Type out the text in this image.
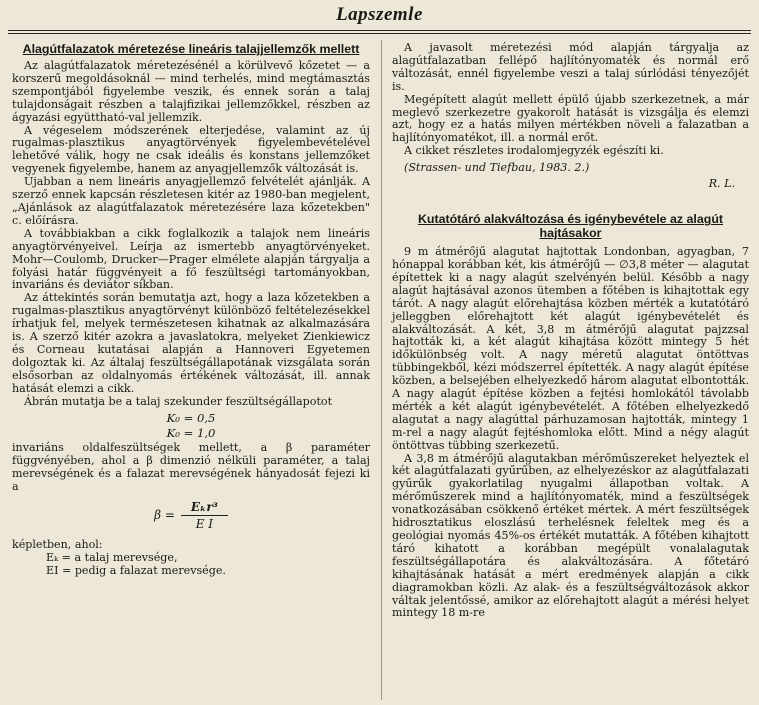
Lapszemle
Alagútfalazatok méretezése lineáris talajjellemzők mellett

Az alagútfalazatok méretezésénél a körülvevő kőzetet — a korszerű megoldásoknál — mind terhelés, mind megtámasztás szempontjából figyelembe veszik, és ennek során a talaj tulajdonságait részben a talajfizikai jellemzőkkel, részben az ágyazási együttható-val jellemzik.

A végeselem módszerének elterjedése, valamint az új rugalmas-plasztikus anyagtörvények figyelembevételével lehetővé válik, hogy ne csak ideális és konstans jellemzőket vegyenek figyelembe, hanem az anyagjellemzők változását is.

Újabban a nem lineáris anyagjellemző felvételét ajánlják. A szerző ennek kapcsán részletesen kitér az 1980-ban megjelent, „Ajánlások az alagútfalazatok méretezésére laza kőzetekben" c. előírásra.

A továbbiakban a cikk foglalkozik a talajok nem lineáris anyagtörvényeivel. Leírja az ismertebb anyagtörvényeket. Mohr—Coulomb, Drucker—Prager elmélete alapján tárgyalja a folyási határ függvényeit a fő feszültségi tartományokban, invariáns és deviátor síkban.

Az áttekintés során bemutatja azt, hogy a laza kőzetekben a rugalmas-plasztikus anyagtörvényt különböző feltételezésekkel írhatjuk fel, melyek természetesen kihatnak az alkalmazására is. A szerző kitér azokra a javaslatokra, melyeket Zienkiewicz és Corneau kutatásai alapján a Hannoveri Egyetemen dolgoztak ki. Az általaj feszültségállapotának vizsgálata során elsősorban az oldalnyomás értékének változását, ill. annak hatását elemzi a cikk.

Ábrán mutatja be a talaj szekunder feszültségállapotot

K₀ = 0,5
K₀ = 1,0

invariáns oldalfeszültségek mellett, a β paraméter függvényében, ahol a β dimenzió nélküli paraméter, a talaj merevségének és a falazat merevségének hányadosát fejezi ki a

$\beta = \frac{\text{Eₖr³}}{\text{E I}}$

képletben, ahol:

Eₖ = a talaj merevsége,

EI = pedig a falazat merevsége.

A javasolt méretezési mód alapján tárgyalja az alagútfalazatban fellépő hajlítónyomaték és normál erő változását, ennél figyelembe veszi a talaj súrlódási tényezőjét is.

Megépített alagút mellett épülő újabb szerkezetnek, a már meglevő szerkezetre gyakorolt hatását is vizsgálja és elemzi azt, hogy ez a hatás milyen mértékben növeli a falazatban a hajlítónyomatékot, ill. a normál erőt.

A cikket részletes irodalomjegyzék egészíti ki.

(Strassen- und Tiefbau, 1983. 2.)

R. L.
Kutatótáró alakváltozása és igénybevétele az alagút hajtásakor

9 m átmérőjű alagutat hajtottak Londonban, agyagban, 7 hónappal korábban két, kis átmérőjű — ∅3,8 méter — alagutat építettek ki a nagy alagút szelvényén belül. Később a nagy alagút hajtásával azonos ütemben a főtében is kihajtottak egy tárót. A nagy alagút előrehajtása közben mérték a kutatótáró jelleggben előrehajtott két alagút igénybevételét és alakváltozását. A két, 3,8 m átmérőjű alagutat pajzzsal hajtották ki, a két alagút kihajtása között mintegy 5 hét időkülönbség volt. A nagy méretű alagutat öntöttvas tübbingekből, kézi módszerrel építették. A nagy alagút építése közben, a belsejében elhelyezkedő három alagutat elbontották. A nagy alagút építése közben a fejtési homlokától távolabb mérték a két alagút igénybevételét. A főtében elhelyezkedő alagutat a nagy alagúttal párhuzamosan hajtották, mintegy 1 m-rel a nagy alagút fejtéshomloka előtt. Mind a négy alagút öntöttvas tübbing szerkezetű.

A 3,8 m átmérőjű alagutakban mérőműszereket helyeztek el két alagútfalazati gyűrűben, az elhelyezéskor az alagútfalazati gyűrűk gyakorlatilag nyugalmi állapotban voltak. A mérőműszerek mind a hajlítónyomaték, mind a feszültségek vonatkozásában csökkenő értéket mértek. A mért feszültségek hidrosztatikus eloszlású terhelésnek feleltek meg és a geológiai nyomás 45%-os értékét mutatták. A főtében kihajtott táró kihatott a korábban megépült vonalalagutak feszültségállapotára és alakváltozására. A főtetáró kihajtásának hatását a mért eredmények alapján a cikk diagramokban közli. Az alak- és a feszültségváltozások akkor váltak jelentőssé, amikor az előrehajtott alagút a mérési helyet mintegy 18 m-re
